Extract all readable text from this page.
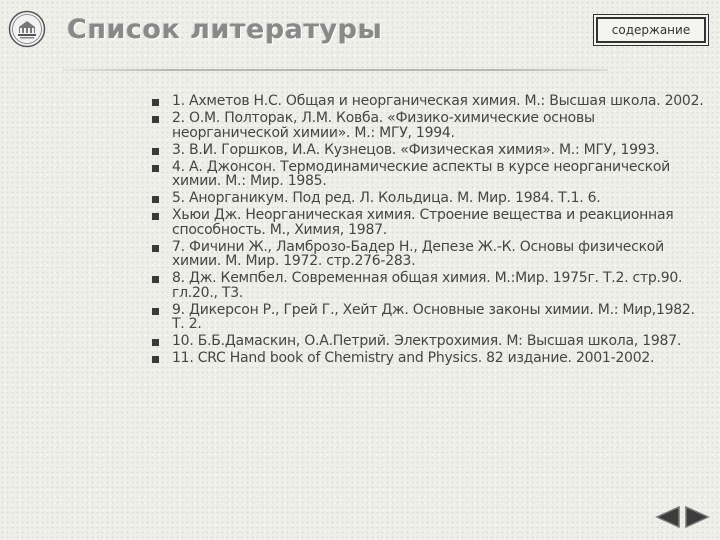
Список литературы	содержание
1. Ахметов Н.С. Общая и неорганическая химия. М.: Высшая школа. 2002.
2. О.М. Полторак, Л.М. Ковба. «Физико-химические основы неорганической химии». М.: МГУ, 1994.
3. В.И. Горшков, И.А. Кузнецов. «Физическая химия». М.: МГУ, 1993.
4. А. Джонсон. Термодинамические аспекты в курсе неорганической химии. М.: Мир. 1985.
5. Анорганикум. Под ред. Л. Кольдица. М. Мир. 1984. Т.1. 6.
Хьюи Дж. Неорганическая химия. Строение вещества и реакционная способность. М., Химия, 1987.
7. Фичини Ж., Ламброзо-Бадер Н., Депезе Ж.-К. Основы физической химии. М. Мир. 1972. стр.276-283.
8. Дж. Кемпбел. Современная общая химия. М.:Мир. 1975г. Т.2. стр.90. гл.20., Т3.
9. Дикерсон Р., Грей Г., Хейт Дж. Основные законы химии. М.: Мир,1982. Т. 2.
10. Б.Б.Дамаскин, О.А.Петрий. Электрохимия. М: Высшая школа, 1987.
11. CRC Hand book of Chemistry and Physics. 82 издание. 2001-2002.
